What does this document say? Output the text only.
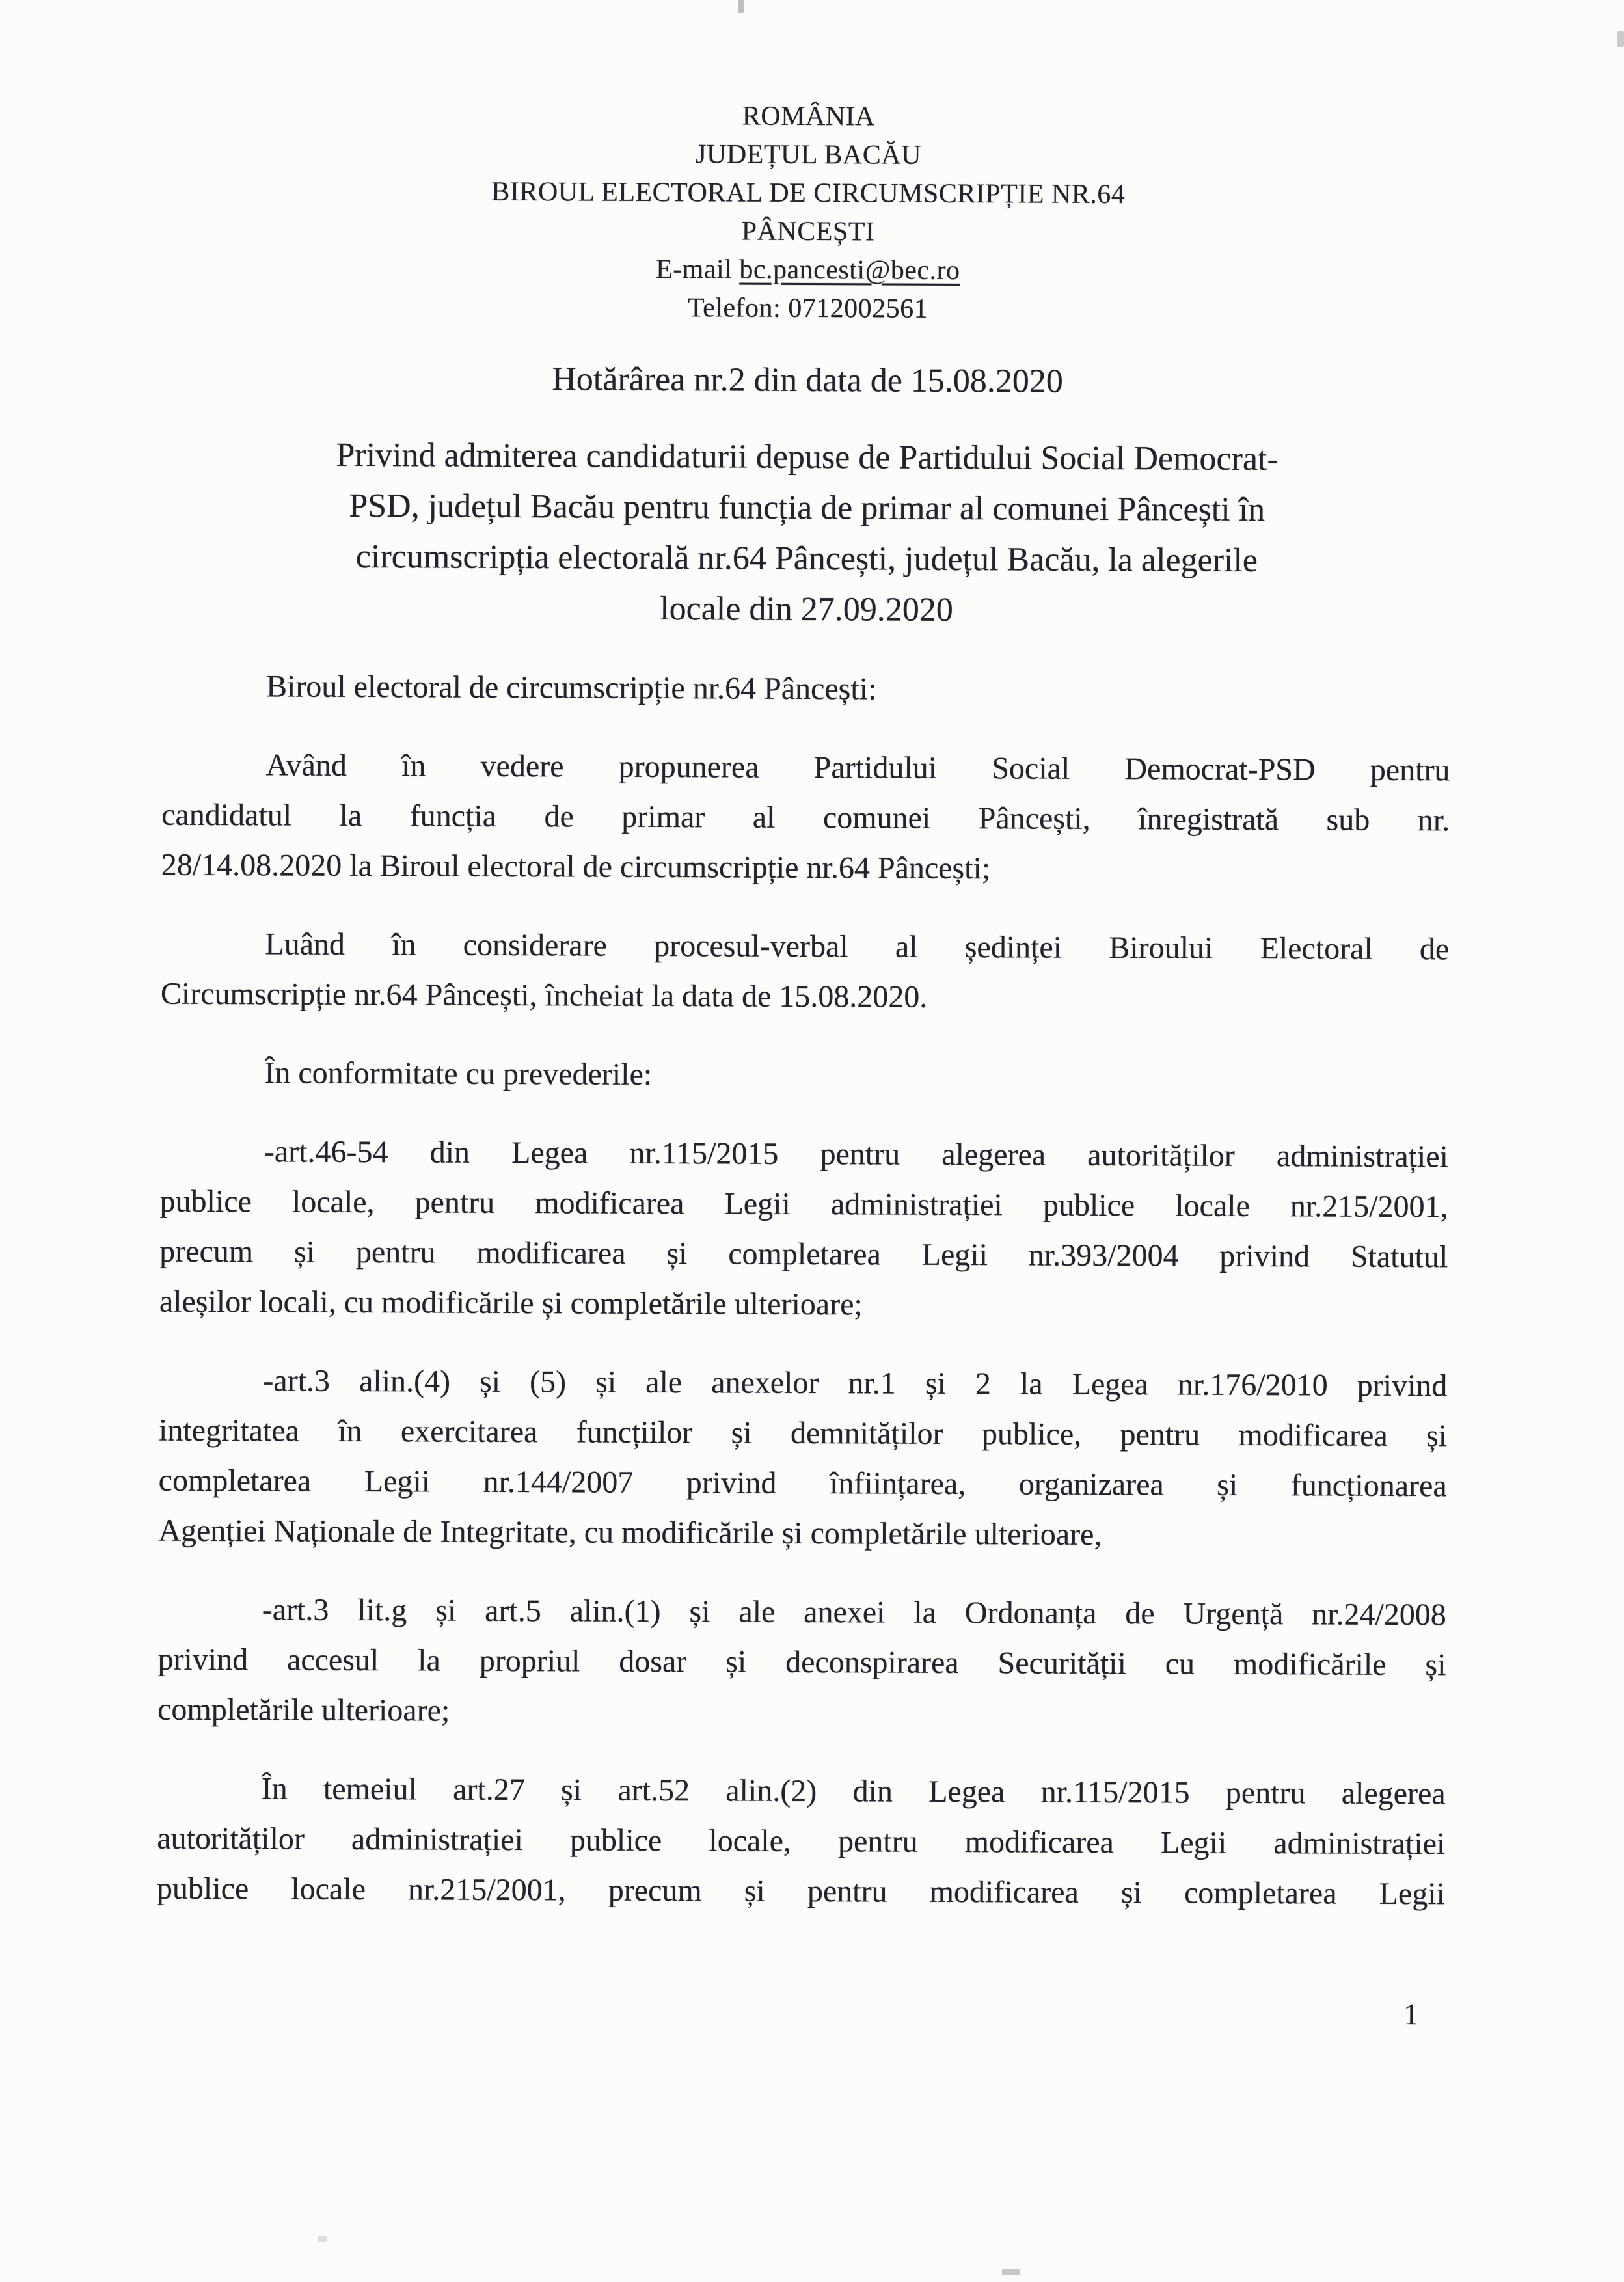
ROMÂNIA
JUDEȚUL BACĂU
BIROUL ELECTORAL DE CIRCUMSCRIPȚIE NR.64
PÂNCEȘTI
E-mail bc.pancesti@bec.ro
Telefon: 0712002561
Hotărârea nr.2 din data de 15.08.2020
Privind admiterea candidaturii depuse de Partidului Social Democrat-
PSD, județul Bacău pentru funcția de primar al comunei Pâncești în
circumscripția electorală nr.64 Pâncești, județul Bacău, la alegerile
locale din 27.09.2020
Biroul electoral de circumscripție nr.64 Pâncești:
Având în vedere propunerea Partidului Social Democrat-PSD pentru
candidatul la funcția de primar al comunei Pâncești, înregistrată sub nr.
28/14.08.2020 la Biroul electoral de circumscripție nr.64 Pâncești;
Luând în considerare procesul-verbal al ședinței Biroului Electoral de
Circumscripție nr.64 Pâncești, încheiat la data de 15.08.2020.
În conformitate cu prevederile:
-art.46-54 din Legea nr.115/2015 pentru alegerea autorităților administrației
publice locale, pentru modificarea Legii administrației publice locale nr.215/2001,
precum și pentru modificarea și completarea Legii nr.393/2004 privind Statutul
aleșilor locali, cu modificările și completările ulterioare;
-art.3 alin.(4) și (5) și ale anexelor nr.1 și 2 la Legea nr.176/2010 privind
integritatea în exercitarea funcțiilor și demnităților publice, pentru modificarea și
completarea Legii nr.144/2007 privind înființarea, organizarea și funcționarea
Agenției Naționale de Integritate, cu modificările și completările ulterioare,
-art.3 lit.g și art.5 alin.(1) și ale anexei la Ordonanța de Urgență nr.24/2008
privind accesul la propriul dosar și deconspirarea Securității cu modificările și
completările ulterioare;
În temeiul art.27 și art.52 alin.(2) din Legea nr.115/2015 pentru alegerea
autorităților administrației publice locale, pentru modificarea Legii administrației
publice locale nr.215/2001, precum și pentru modificarea și completarea Legii
1
